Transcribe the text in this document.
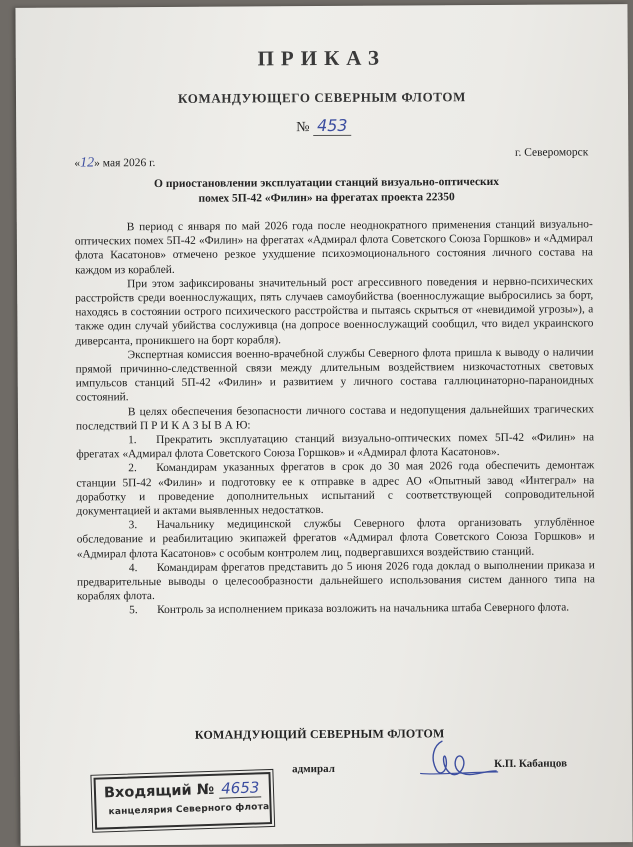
ПРИКАЗ
КОМАНДУЮЩЕГО СЕВЕРНЫМ ФЛОТОМ
№ 453
«12» мая 2026 г.
г. Североморск
О приостановлении эксплуатации станций визуально-оптических
помех 5П-42 «Филин» на фрегатах проекта 22350

В период с января по май 2026 года после неоднократного применения станций визуально-оптических помех 5П-42 «Филин» на фрегатах «Адмирал флота Советского Союза Горшков» и «Адмирал флота Касатонов» отмечено резкое ухудшение психоэмоционального состояния личного состава на каждом из кораблей.

При этом зафиксированы значительный рост агрессивного поведения и нервно-психических расстройств среди военнослужащих, пять случаев самоубийства (военнослужащие выбросились за борт, находясь в состоянии острого психического расстройства и пытаясь скрыться от «невидимой угрозы»), а также один случай убийства сослуживца (на допросе военнослужащий сообщил, что видел украинского диверсанта, проникшего на борт корабля).

Экспертная комиссия военно-врачебной службы Северного флота пришла к выводу о наличии прямой причинно-следственной связи между длительным воздействием низкочастотных световых импульсов станций 5П-42 «Филин» и развитием у личного состава галлюцинаторно-параноидных состояний.

В целях обеспечения безопасности личного состава и недопущения дальнейших трагических последствий П Р И К А З Ы В А Ю:

1. Прекратить эксплуатацию станций визуально-оптических помех 5П-42 «Филин» на фрегатах «Адмирал флота Советского Союза Горшков» и «Адмирал флота Касатонов».
2. Командирам указанных фрегатов в срок до 30 мая 2026 года обеспечить демонтаж станции 5П-42 «Филин» и подготовку ее к отправке в адрес АО «Опытный завод «Интеграл» на доработку и проведение дополнительных испытаний с соответствующей сопроводительной документацией и актами выявленных недостатков.
3. Начальнику медицинской службы Северного флота организовать углублённое обследование и реабилитацию экипажей фрегатов «Адмирал флота Советского Союза Горшков» и «Адмирал флота Касатонов» с особым контролем лиц, подвергавшихся воздействию станций.
4. Командирам фрегатов представить до 5 июня 2026 года доклад о выполнении приказа и предварительные выводы о целесообразности дальнейшего использования систем данного типа на кораблях флота.
5. Контроль за исполнением приказа возложить на начальника штаба Северного флота.
КОМАНДУЮЩИЙ СЕВЕРНЫМ ФЛОТОМ
адмирал	К.П. Кабанцов
Входящий № 4653
канцелярия Северного флота
